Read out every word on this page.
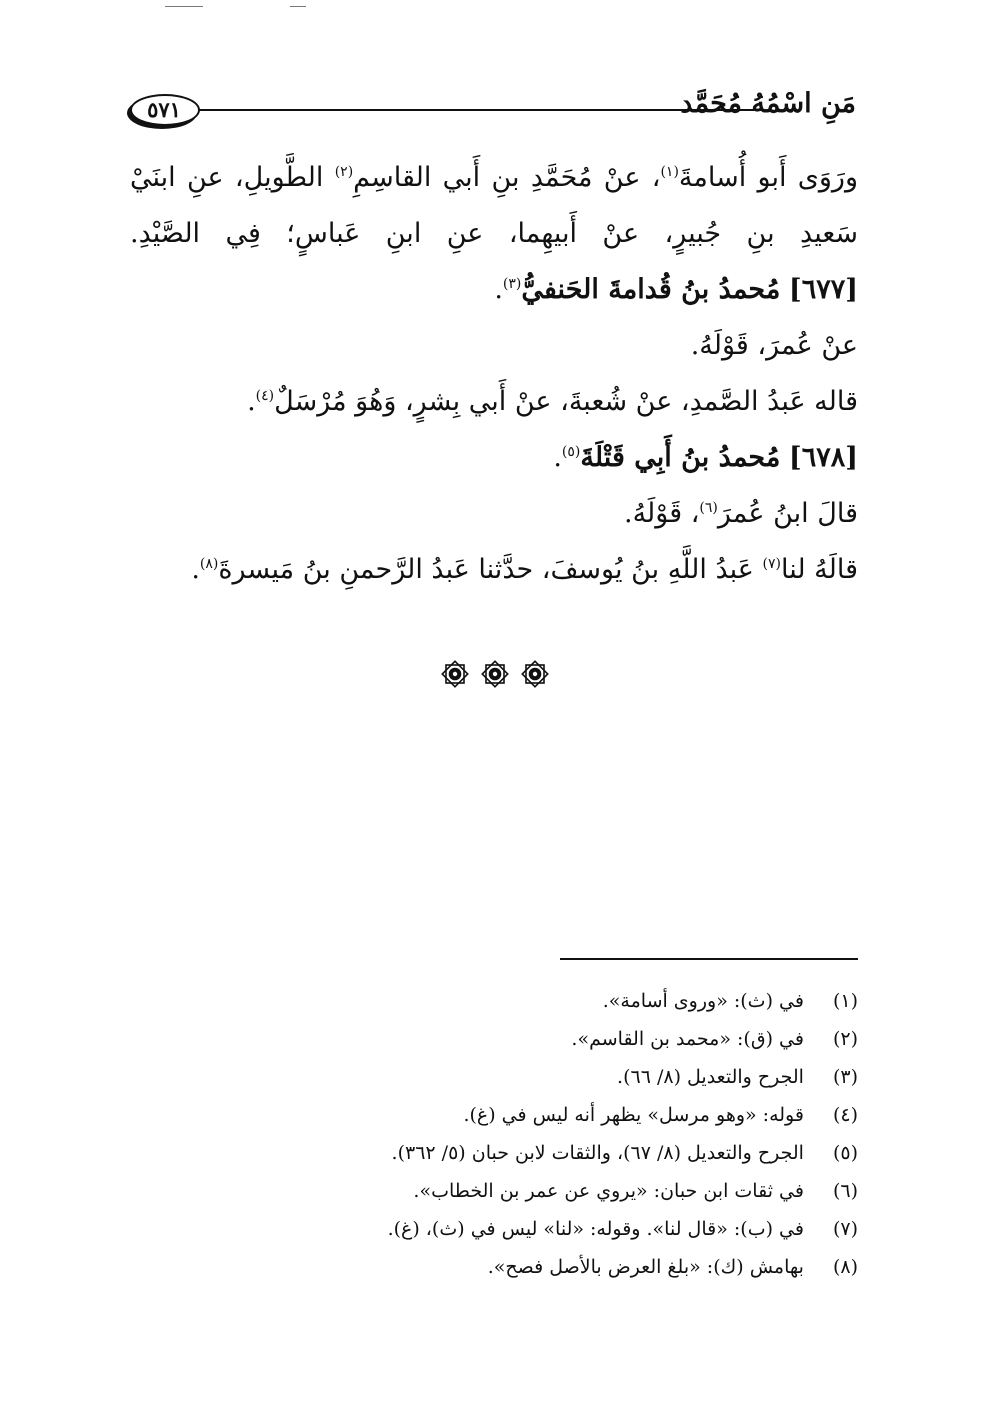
مَنِ اسْمُهُ مُحَمَّد
٥٧١
ورَوَى أَبو أُسامةَ$^{(١)}$، عنْ مُحَمَّدِ بنِ أَبي القاسِمِ$^{(٢)}$ الطَّويلِ، عنِ ابنَيْ
سَعيدِ بنِ جُبيرٍ، عنْ أَبيهِما، عنِ ابنِ عَباسٍ؛ فِي الصَّيْدِ.
[٦٧٧] مُحمدُ بنُ قُدامةَ الحَنفيُّ$^{(٣)}$.
عنْ عُمرَ، قَوْلَهُ.
قاله عَبدُ الصَّمدِ، عنْ شُعبةَ، عنْ أَبي بِشرٍ، وَهُوَ مُرْسَلٌ$^{(٤)}$.
[٦٧٨] مُحمدُ بنُ أَبِي قَتْلَةَ$^{(٥)}$.
قالَ ابنُ عُمرَ$^{(٦)}$، قَوْلَهُ.
قالَهُ لنا$^{(٧)}$ عَبدُ اللَّهِ بنُ يُوسفَ، حدَّثنا عَبدُ الرَّحمنِ بنُ مَيسرةَ$^{(٨)}$.
(١) في (ث): «وروى أسامة».
(٢) في (ق): «محمد بن القاسم».
(٣) الجرح والتعديل (٨/ ٦٦).
(٤) قوله: «وهو مرسل» يظهر أنه ليس في (غ).
(٥) الجرح والتعديل (٨/ ٦٧)، والثقات لابن حبان (٥/ ٣٦٢).
(٦) في ثقات ابن حبان: «يروي عن عمر بن الخطاب».
(٧) في (ب): «قال لنا». وقوله: «لنا» ليس في (ث)، (غ).
(٨) بهامش (ك): «بلغ العرض بالأصل فصح».
